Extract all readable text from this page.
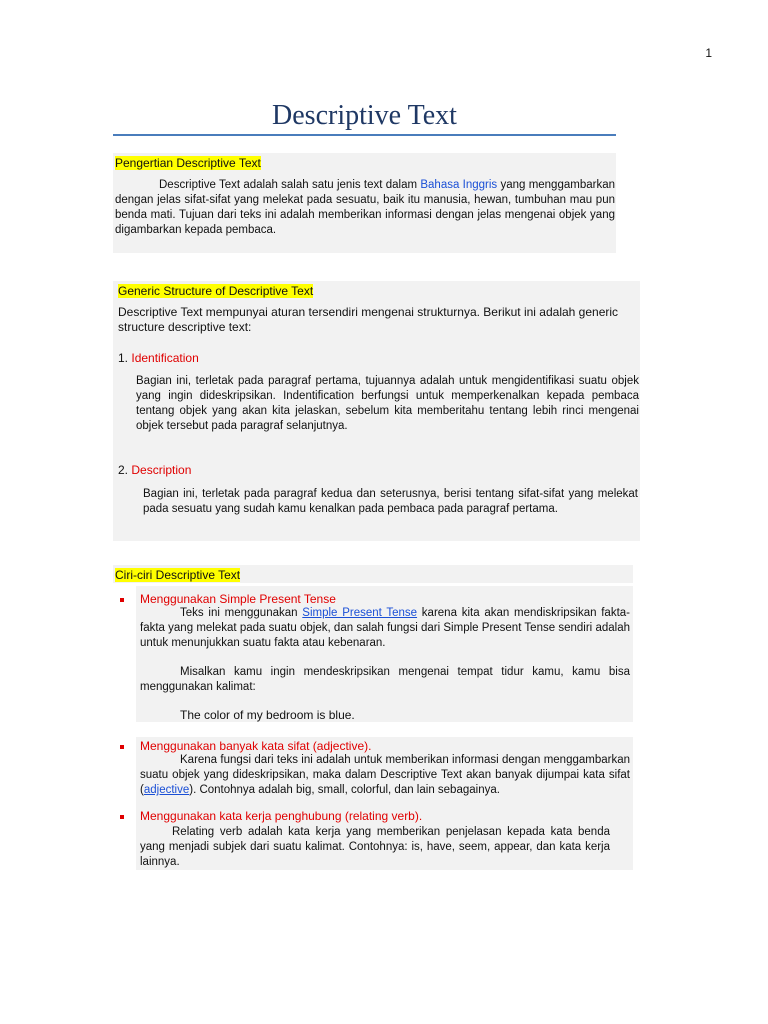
1
Descriptive Text
Pengertian Descriptive Text
Descriptive Text adalah salah satu jenis text dalam Bahasa Inggris yang menggambarkan dengan jelas sifat-sifat yang melekat pada sesuatu, baik itu manusia, hewan, tumbuhan mau pun benda mati. Tujuan dari teks ini adalah memberikan informasi dengan jelas mengenai objek yang digambarkan kepada pembaca.
Generic Structure of Descriptive Text
Descriptive Text mempunyai aturan tersendiri mengenai strukturnya. Berikut ini adalah generic structure descriptive text:
1. Identification
Bagian ini, terletak pada paragraf pertama, tujuannya adalah untuk mengidentifikasi suatu objek yang ingin dideskripsikan. Indentification berfungsi untuk memperkenalkan kepada pembaca tentang objek yang akan kita jelaskan, sebelum kita memberitahu tentang lebih rinci mengenai objek tersebut pada paragraf selanjutnya.
2. Description
Bagian ini, terletak pada paragraf kedua dan seterusnya, berisi tentang sifat-sifat yang melekat pada sesuatu yang sudah kamu kenalkan pada pembaca pada paragraf pertama.
Ciri-ciri Descriptive Text
Menggunakan Simple Present Tense
Teks ini menggunakan Simple Present Tense karena kita akan mendiskripsikan fakta-fakta yang melekat pada suatu objek, dan salah fungsi dari Simple Present Tense sendiri adalah untuk menunjukkan suatu fakta atau kebenaran.
Misalkan kamu ingin mendeskripsikan mengenai tempat tidur kamu, kamu bisa menggunakan kalimat:
The color of my bedroom is blue.
Menggunakan banyak kata sifat (adjective).
Karena fungsi dari teks ini adalah untuk memberikan informasi dengan menggambarkan suatu objek yang dideskripsikan, maka dalam Descriptive Text akan banyak dijumpai kata sifat (adjective). Contohnya adalah big, small, colorful, dan lain sebagainya.
Menggunakan kata kerja penghubung (relating verb).
Relating verb adalah kata kerja yang memberikan penjelasan kepada kata benda yang menjadi subjek dari suatu kalimat. Contohnya: is, have, seem, appear, dan kata kerja lainnya.
